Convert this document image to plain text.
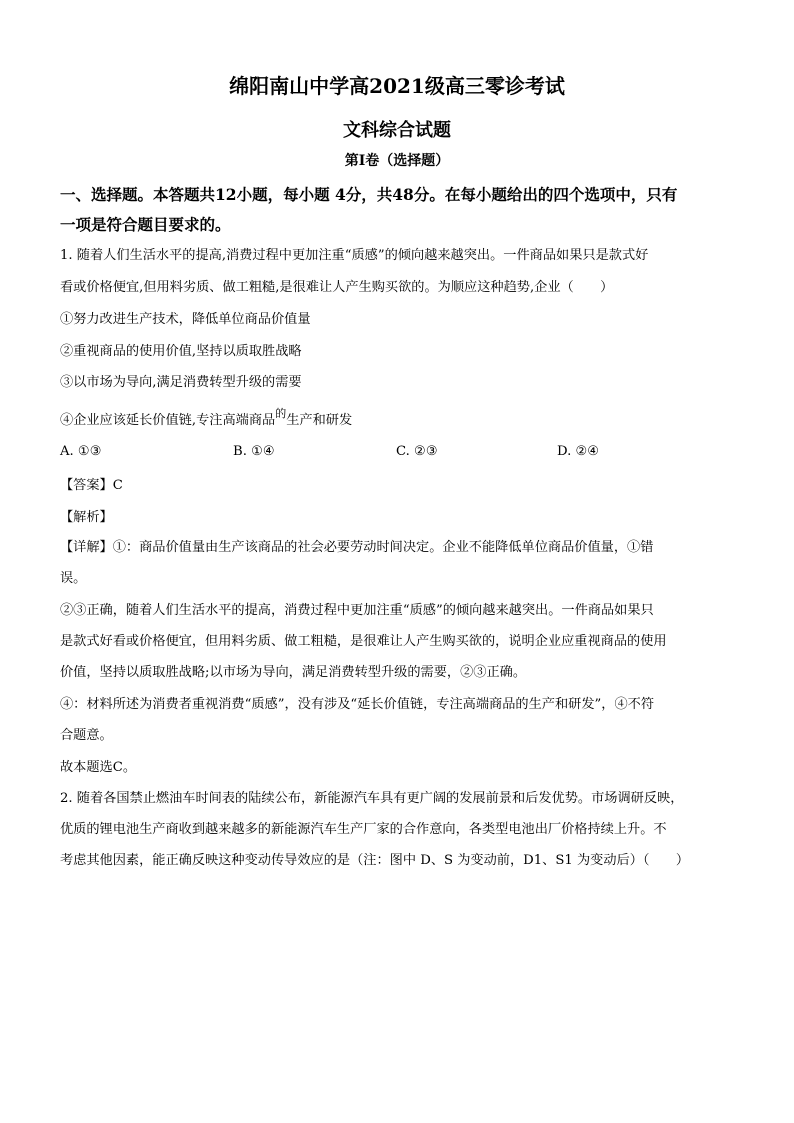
绵阳南山中学高2021级高三零诊考试
文科综合试题
第Ⅰ卷（选择题）
一、选择题。本答题共12小题，每小题 4分，共48分。在每小题给出的四个选项中，只有
一项是符合题目要求的。
1. 随着人们生活水平的提高,消费过程中更加注重“质感”的倾向越来越突出。一件商品如果只是款式好
看或价格便宜,但用料劣质、做工粗糙,是很难让人产生购买欲的。为顺应这种趋势,企业（　　）
①努力改进生产技术，降低单位商品价值量
②重视商品的使用价值,坚持以质取胜战略
③以市场为导向,满足消费转型升级的需要
④企业应该延长价值链,专注高端商品$^的$生产和研发
A. ①③	B. ①④	C. ②③	D. ②④
【答案】C
【解析】
【详解】①：商品价值量由生产该商品的社会必要劳动时间决定。企业不能降低单位商品价值量，①错
误。
②③正确，随着人们生活水平的提高，消费过程中更加注重“质感”的倾向越来越突出。一件商品如果只
是款式好看或价格便宜，但用料劣质、做工粗糙，是很难让人产生购买欲的，说明企业应重视商品的使用
价值，坚持以质取胜战略;以市场为导向，满足消费转型升级的需要，②③正确。
④：材料所述为消费者重视消费“质感”，没有涉及“延长价值链，专注高端商品的生产和研发”，④不符
合题意。
故本题选C。
2. 随着各国禁止燃油车时间表的陆续公布，新能源汽车具有更广阔的发展前景和后发优势。市场调研反映，
优质的锂电池生产商收到越来越多的新能源汽车生产厂家的合作意向，各类型电池出厂价格持续上升。不
考虑其他因素，能正确反映这种变动传导效应的是（注：图中 D、S 为变动前，D1、S1 为变动后）（　　）
